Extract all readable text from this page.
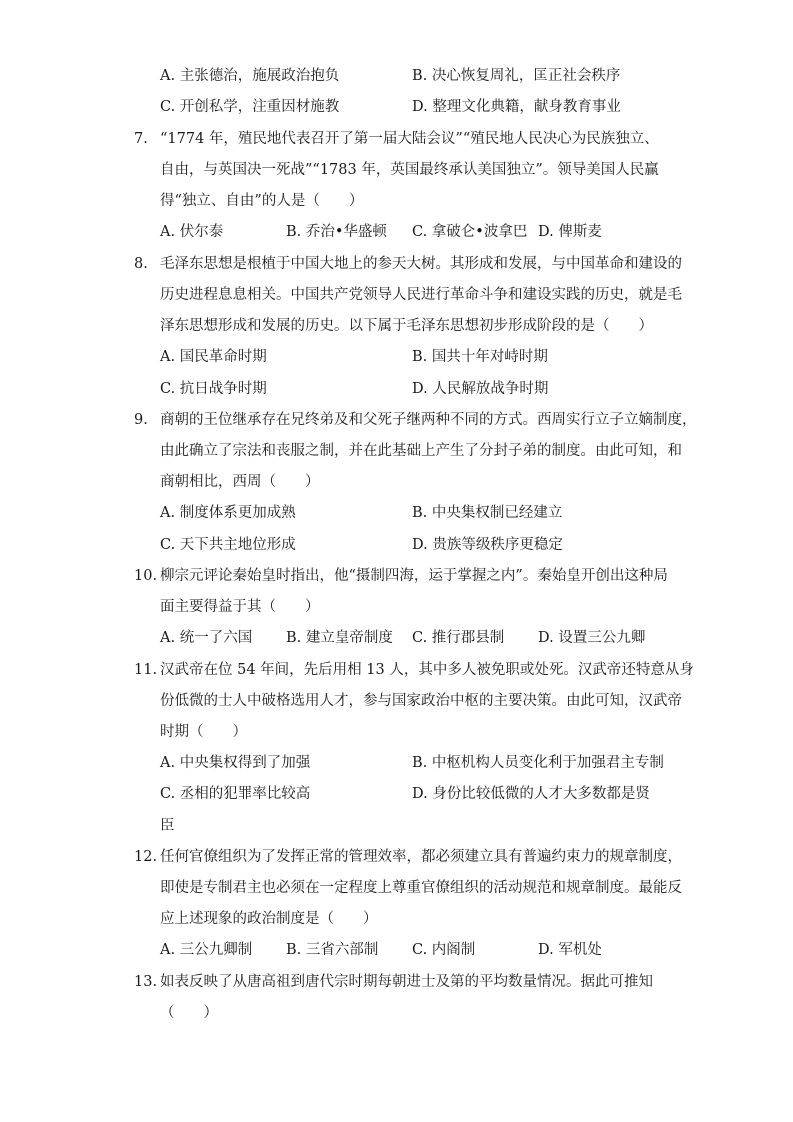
A. 主张德治，施展政治抱负	B. 决心恢复周礼，匡正社会秩序
C. 开创私学，注重因材施教	D. 整理文化典籍，献身教育事业
7. “1774 年，殖民地代表召开了第一届大陆会议”“殖民地人民决心为民族独立、
自由，与英国决一死战”“1783 年，英国最终承认美国独立”。领导美国人民赢
得“独立、自由”的人是（　　）
A. 伏尔泰	B. 乔治•华盛顿 C. 拿破仑•波拿巴 D. 俾斯麦
8. 毛泽东思想是根植于中国大地上的参天大树。其形成和发展，与中国革命和建设的
历史进程息息相关。中国共产党领导人民进行革命斗争和建设实践的历史，就是毛
泽东思想形成和发展的历史。以下属于毛泽东思想初步形成阶段的是（　　）
A. 国民革命时期	B. 国共十年对峙时期
C. 抗日战争时期	D. 人民解放战争时期
9. 商朝的王位继承存在兄终弟及和父死子继两种不同的方式。西周实行立子立嫡制度，
由此确立了宗法和丧服之制，并在此基础上产生了分封子弟的制度。由此可知，和
商朝相比，西周（　　）
A. 制度体系更加成熟	B. 中央集权制已经建立
C. 天下共主地位形成	D. 贵族等级秩序更稳定
10. 柳宗元评论秦始皇时指出，他“摄制四海，运于掌握之内”。秦始皇开创出这种局
面主要得益于其（　　）
A. 统一了六国 B. 建立皇帝制度 C. 推行郡县制 D. 设置三公九卿
11. 汉武帝在位 54 年间，先后用相 13 人，其中多人被免职或处死。汉武帝还特意从身
份低微的士人中破格选用人才，参与国家政治中枢的主要决策。由此可知，汉武帝
时期（　　）
A. 中央集权得到了加强	B. 中枢机构人员变化利于加强君主专制
C. 丞相的犯罪率比较高	D. 身份比较低微的人才大多数都是贤
臣
12. 任何官僚组织为了发挥正常的管理效率，都必须建立具有普遍约束力的规章制度，
即使是专制君主也必须在一定程度上尊重官僚组织的活动规范和规章制度。最能反
应上述现象的政治制度是（　　）
A. 三公九卿制 B. 三省六部制 C. 内阁制	D. 军机处
13. 如表反映了从唐高祖到唐代宗时期每朝进士及第的平均数量情况。据此可推知
（　　）
